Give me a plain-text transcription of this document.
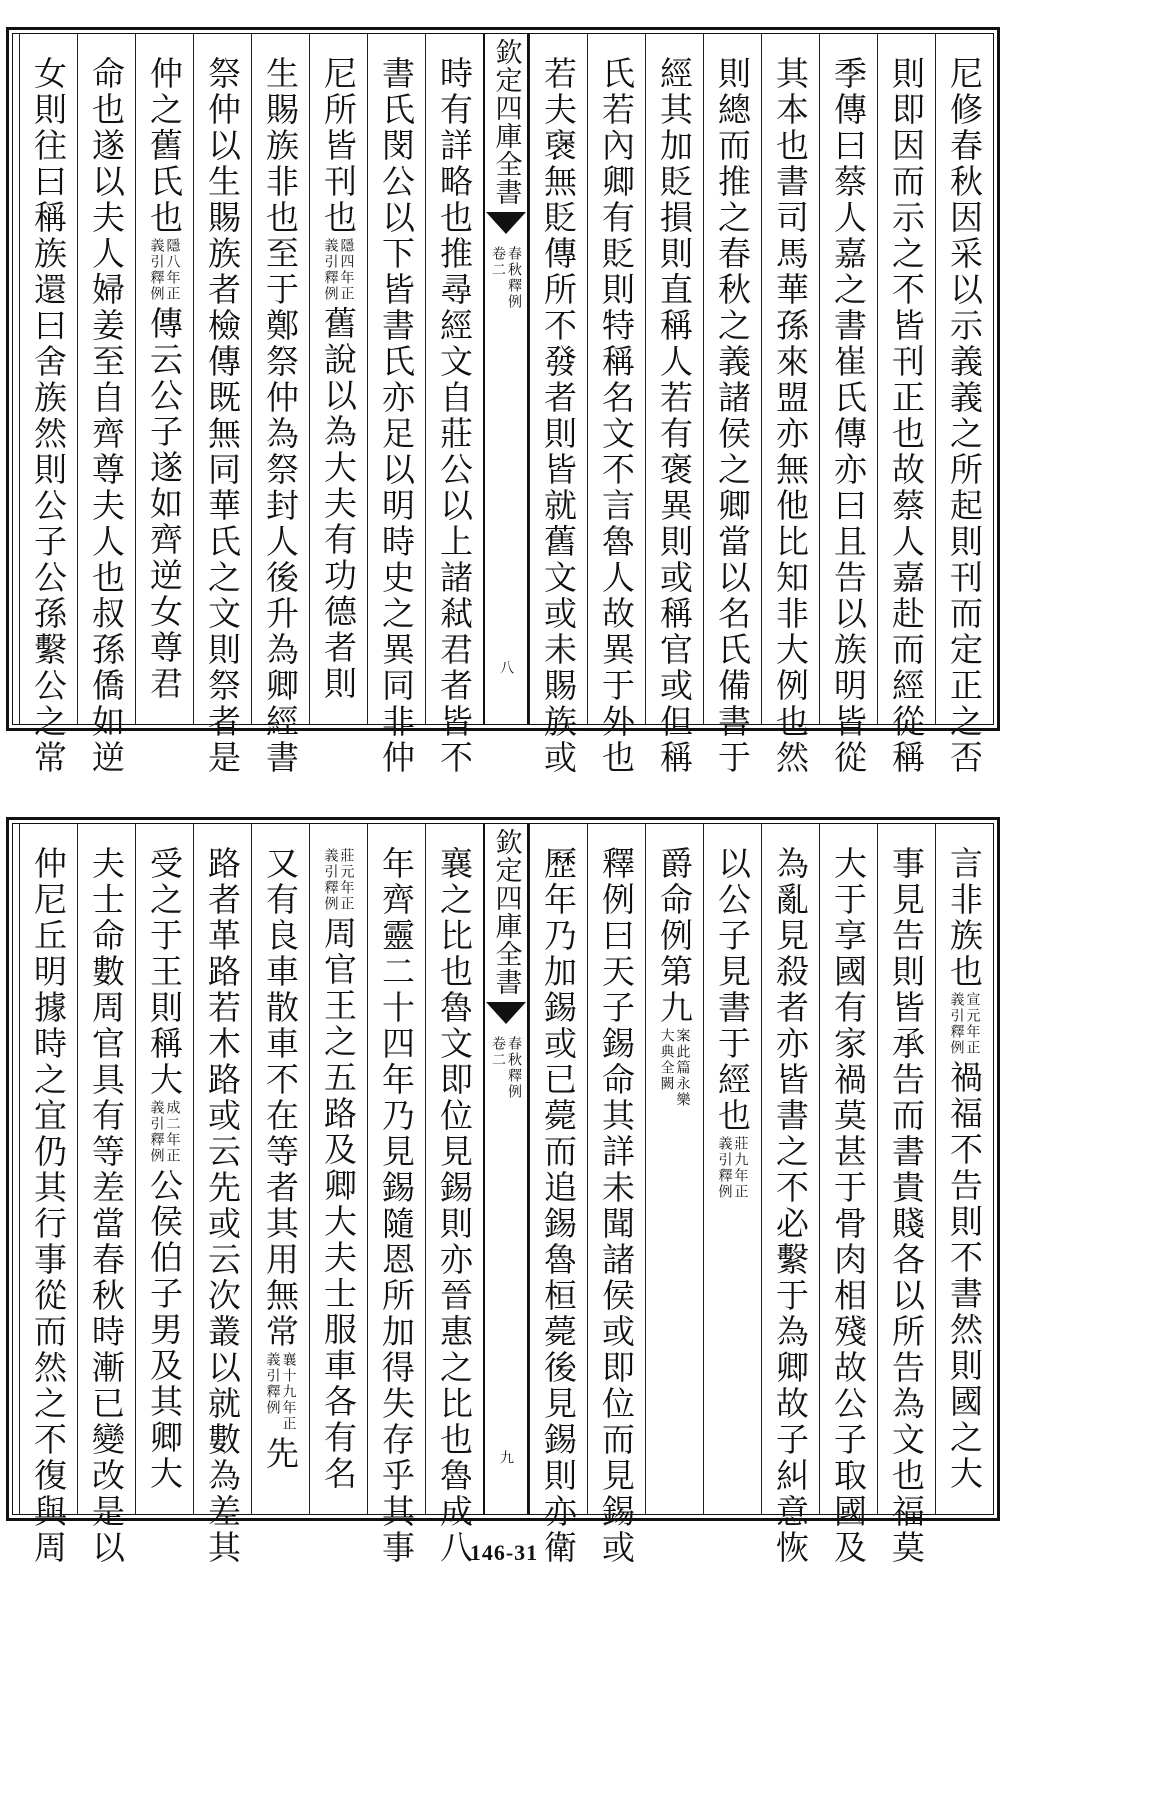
尼修春秋因采以示義義之所起則刊而定正之否
則即因而示之不皆刊正也故蔡人嘉赴而經從稱
季傳曰蔡人嘉之書崔氏傳亦曰且告以族明皆從
其本也書司馬華孫來盟亦無他比知非大例也然
則總而推之春秋之義諸侯之卿當以名氏備書于
經其加貶損則直稱人若有褒異則或稱官或但稱
氏若內卿有貶則特稱名文不言魯人故異于外也
若夫襃無貶傳所不發者則皆就舊文或未賜族或
欽定四庫全書
春秋釋例
卷二
八
時有詳略也推尋經文自莊公以上諸弒君者皆不
書氏閔公以下皆書氏亦足以明時史之異同非仲
尼所皆刊也
隱四年正
義引釋例
舊說以為大夫有功德者則
生賜族非也至于鄭祭仲為祭封人後升為卿經書
祭仲以生賜族者檢傳既無同華氏之文則祭者是
仲之舊氏也
隱八年正
義引釋例
傳云公子遂如齊逆女尊君
命也遂以夫人婦姜至自齊尊夫人也叔孫僑如逆
女則往曰稱族還曰舍族然則公子公孫繫公之常
言非族也
宣元年正
義引釋例
禍福不告則不書然則國之大
事見告則皆承告而書貴賤各以所告為文也福莫
大于享國有家禍莫甚于骨肉相殘故公子取國及
為亂見殺者亦皆書之不必繫于為卿故子糾意恢
以公子見書于經也
莊九年正
義引釋例
爵命例第九
案此篇永樂
大典全闕
釋例曰天子錫命其詳未聞諸侯或即位而見錫或
歷年乃加錫或已薨而追錫魯桓薨後見錫則亦衛
欽定四庫全書
春秋釋例
卷二
九
襄之比也魯文即位見錫則亦晉惠之比也魯成八
年齊靈二十四年乃見錫隨恩所加得失存乎其事
莊元年正
義引釋例
周官王之五路及卿大夫士服車各有名
又有良車散車不在等者其用無常
襄十九年正
義引釋例
先
路者革路若木路或云先或云次叢以就數為差其
受之于王則稱大
成二年正
義引釋例
公侯伯子男及其卿大
夫士命數周官具有等差當春秋時漸已變改是以
仲尼丘明據時之宜仍其行事從而然之不復與周	146-31
